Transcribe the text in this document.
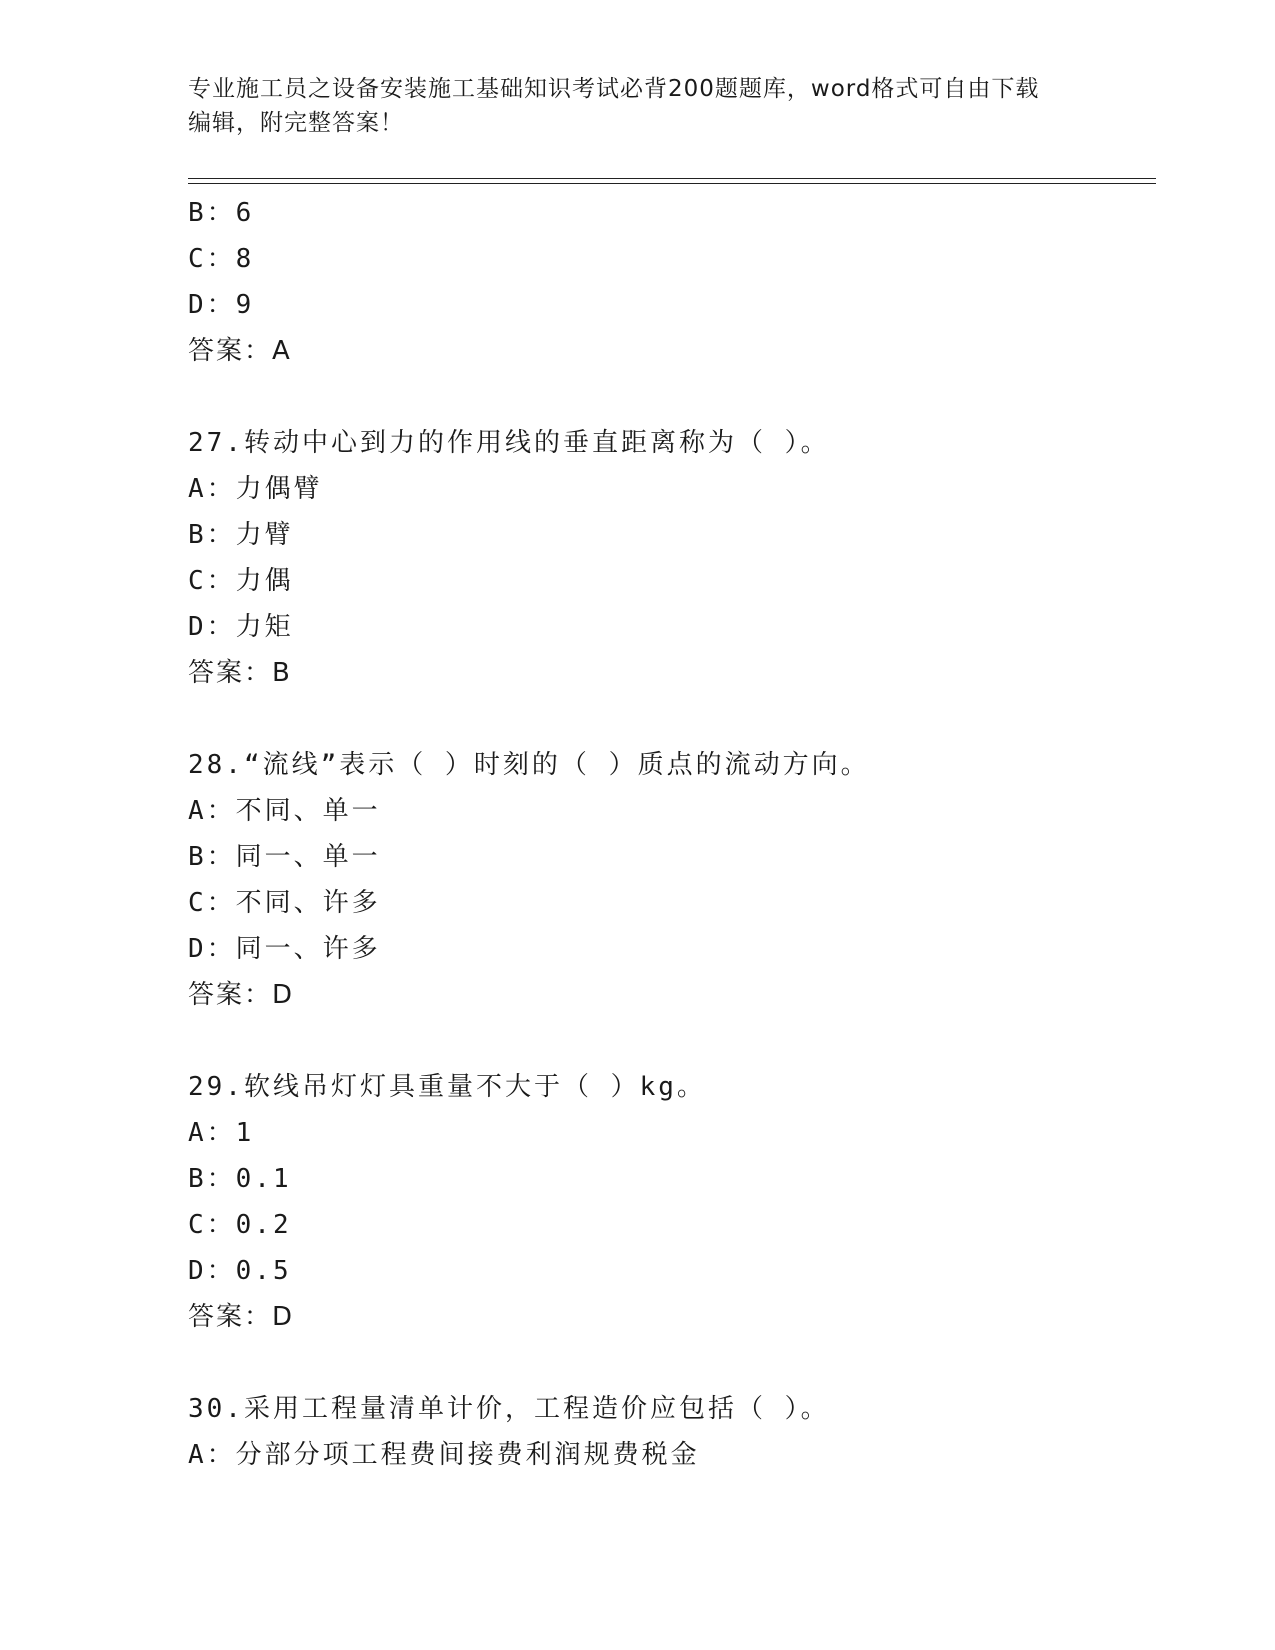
专业施工员之设备安装施工基础知识考试必背200题题库，word格式可自由下载
编辑，附完整答案！
B：6
C：8
D：9
答案：A
27.转动中心到力的作用线的垂直距离称为（ ）。
A：力偶臂
B：力臂
C：力偶
D：力矩
答案：B
28.“流线”表示（ ）时刻的（ ）质点的流动方向。
A：不同、单一
B：同一、单一
C：不同、许多
D：同一、许多
答案：D
29.软线吊灯灯具重量不大于（ ）kg。
A：1
B：0.1
C：0.2
D：0.5
答案：D
30.采用工程量清单计价，工程造价应包括（ ）。
A：分部分项工程费间接费利润规费税金
